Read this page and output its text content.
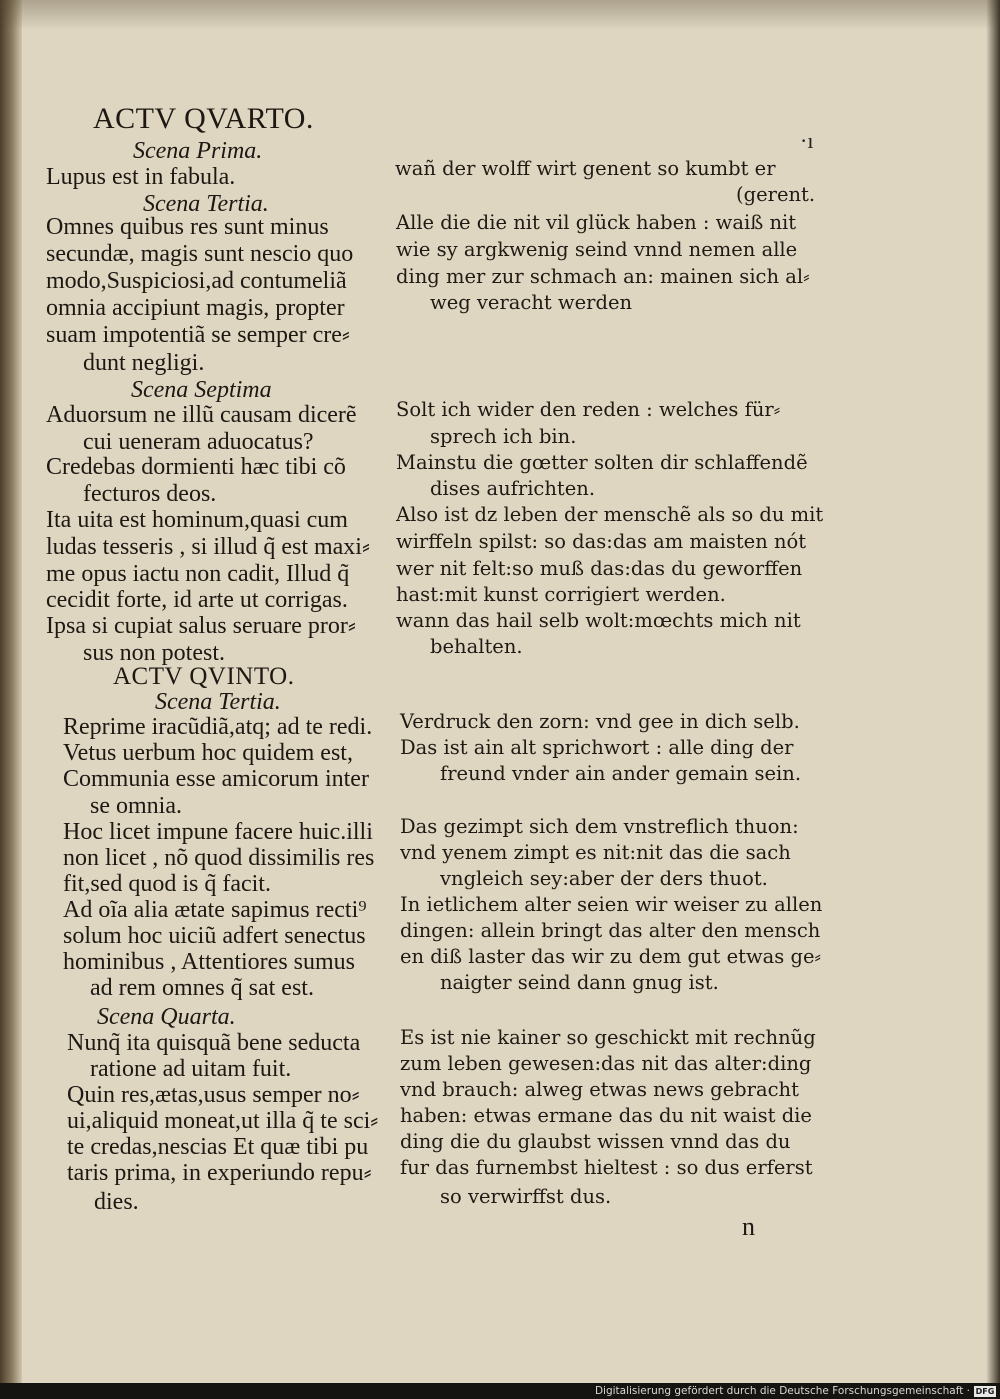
·ı
ACTV QVARTO.
Scena Prima.
Lupus est in fabula.	wañ der wolff wirt genent so kumbt er
Scena Tertia.	(gerent.
Omnes quibus res sunt minus	Alle die die nit vil glück haben : waiß nit
secundæ, magis sunt nescio quo wie sy argkwenig seind vnnd nemen alle
modo,Suspiciosi,ad contumeliã	ding mer zur schmach an: mainen sich al⸗
omnia accipiunt magis, propter	weg veracht werden
suam impotentiã se semper cre⸗
dunt negligi.
Scena Septima
Aduorsum ne illũ causam dicerẽ Solt ich wider den reden : welches für⸗
cui ueneram aduocatus?	sprech ich bin.
Credebas dormienti hæc tibi cõ	Mainstu die gœtter solten dir schlaffendẽ
fecturos deos.	dises aufrichten.
Ita uita est hominum,quasi cum Also ist dz leben der menschẽ als so du mit
ludas tesseris , si illud q̃ est maxi⸗ wirffeln spilst: so das:das am maisten nót
me opus iactu non cadit, Illud q̃ wer nit felt:so muß das:das du geworffen
cecidit forte, id arte ut corrigas. hast:mit kunst corrigiert werden.
Ipsa si cupiat salus seruare pror⸗ wann das hail selb wolt:mœchts mich nit
sus non potest.	behalten.
ACTV QVINTO.
Scena Tertia.
Reprime iracũdiã,atq; ad te redi. Verdruck den zorn: vnd gee in dich selb.
Vetus uerbum hoc quidem est, Das ist ain alt sprichwort : alle ding der
Communia esse amicorum inter	freund vnder ain ander gemain sein.
se omnia.
Hoc licet impune facere huic.illi Das gezimpt sich dem vnstreflich thuon:
non licet , nõ quod dissimilis res vnd yenem zimpt es nit:nit das die sach
fit,sed quod is q̃ facit.	vngleich sey:aber der ders thuot.
Ad oĩa alia ætate sapimus recti⁹ In ietlichem alter seien wir weiser zu allen
solum hoc uiciũ adfert senectus dingen: allein bringt das alter den mensch
hominibus , Attentiores sumus en diß laster das wir zu dem gut etwas ge⸗
ad rem omnes q̃ sat est.	naigter seind dann gnug ist.
Scena Quarta.
Nunq̃ ita quisquã bene seducta Es ist nie kainer so geschickt mit rechnũg
ratione ad uitam fuit.	zum leben gewesen:das nit das alter:ding
Quin res,ætas,usus semper no⸗ vnd brauch: alweg etwas news gebracht
ui,aliquid moneat,ut illa q̃ te sci⸗ haben: etwas ermane das du nit waist die
te credas,nescias Et quæ tibi pu ding die du glaubst wissen vnnd das du
taris prima, in experiundo repu⸗ fur das furnembst hieltest : so dus erferst
dies.	so verwirffst dus.
n
Digitalisierung gefördert durch die Deutsche Forschungsgemeinschaft · DFG
